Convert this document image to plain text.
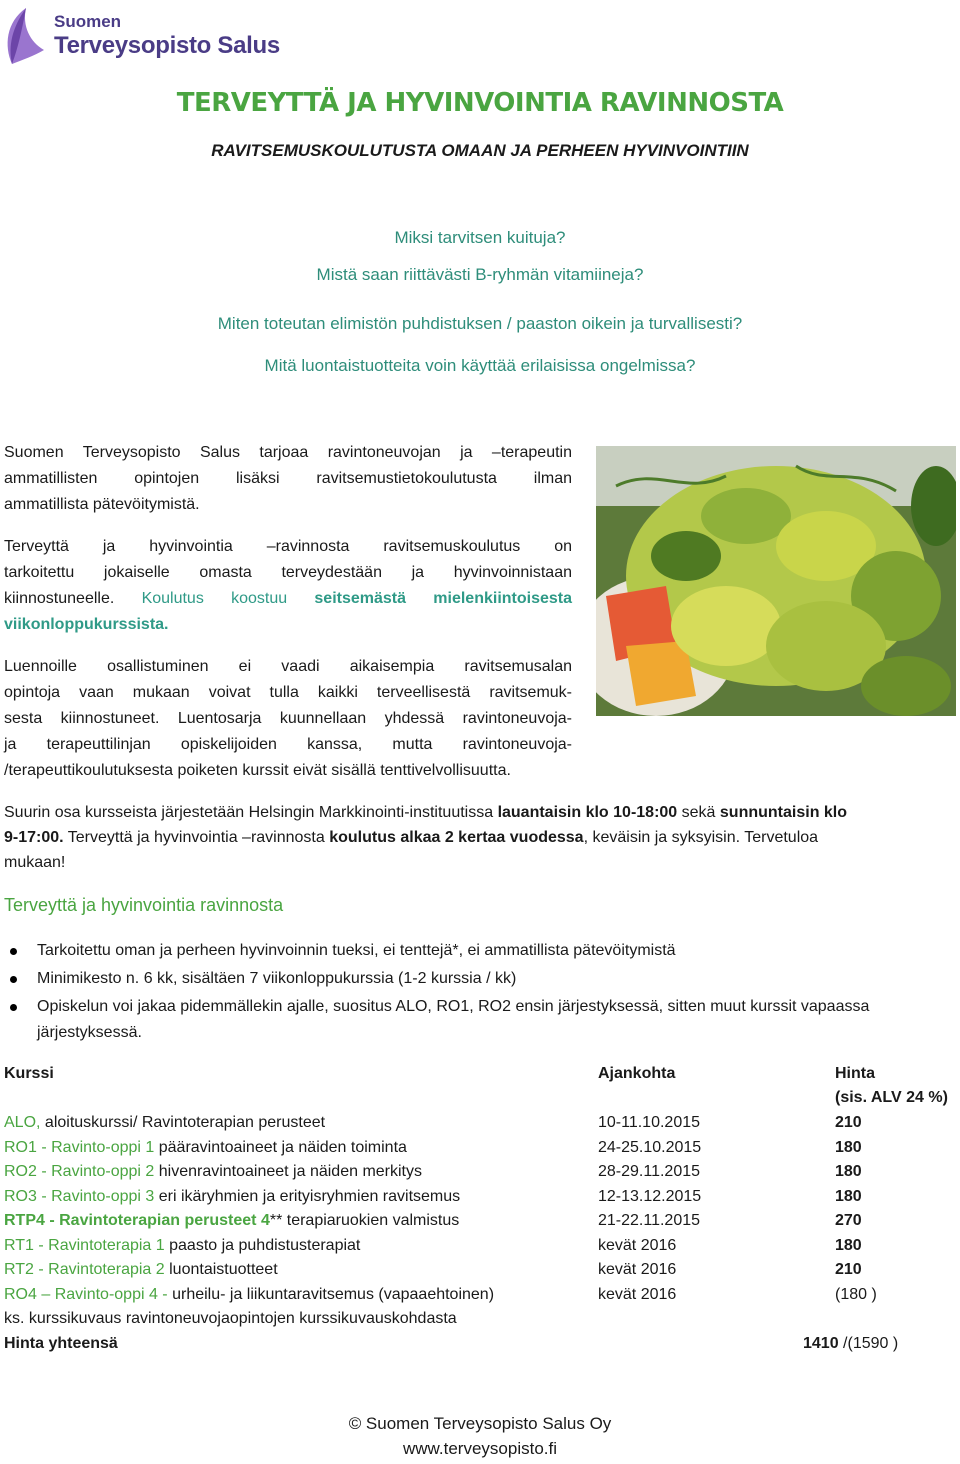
Suomen
Terveysopisto Salus
TERVEYTTÄ JA HYVINVOINTIA RAVINNOSTA
RAVITSEMUSKOULUTUSTA OMAAN JA PERHEEN HYVINVOINTIIN
Miksi tarvitsen kuituja?
Mistä saan riittävästi B-ryhmän vitamiineja?
Miten toteutan elimistön puhdistuksen / paaston oikein ja turvallisesti?
Mitä luontaistuotteita voin käyttää erilaisissa ongelmissa?
Suomen Terveysopisto Salus tarjoaa ravintoneuvojan ja –terapeutin
ammatillisten opintojen lisäksi ravitsemustietokoulutusta ilman
ammatillista pätevöitymistä.
Terveyttä ja hyvinvointia –ravinnosta ravitsemuskoulutus on
tarkoitettu jokaiselle omasta terveydestään ja hyvinvoinnistaan
kiinnostuneelle. Koulutus koostuu seitsemästä mielenkiintoisesta
viikonloppukurssista.
Luennoille osallistuminen ei vaadi aikaisempia ravitsemusalan
opintoja vaan mukaan voivat tulla kaikki terveellisestä ravitsemuk-
sesta kiinnostuneet. Luentosarja kuunnellaan yhdessä ravintoneuvoja-
ja terapeuttilinjan opiskelijoiden kanssa, mutta ravintoneuvoja-
/terapeuttikoulutuksesta poiketen kurssit eivät sisällä tenttivelvollisuutta.
Suurin osa kursseista järjestetään Helsingin Markkinointi-instituutissa lauantaisin klo 10-18:00 sekä sunnuntaisin klo
9-17:00. Terveyttä ja hyvinvointia –ravinnosta koulutus alkaa 2 kertaa vuodessa, keväisin ja syksyisin. Tervetuloa
mukaan!
Terveyttä ja hyvinvointia ravinnosta
Tarkoitettu oman ja perheen hyvinvoinnin tueksi, ei tenttejä*, ei ammatillista pätevöitymistä
Minimikesto n. 6 kk, sisältäen 7 viikonloppukurssia (1-2 kurssia / kk)
Opiskelun voi jakaa pidemmällekin ajalle, suositus ALO, RO1, RO2 ensin järjestyksessä, sitten muut kurssit vapaassa järjestyksessä.
Kurssi	Ajankohta	Hinta
(sis. ALV 24 %)
ALO, aloituskurssi/ Ravintoterapian perusteet	10-11.10.2015	210
RO1 - Ravinto-oppi 1 pääravintoaineet ja näiden toiminta	24-25.10.2015	180
RO2 - Ravinto-oppi 2 hivenravintoaineet ja näiden merkitys	28-29.11.2015	180
RO3 - Ravinto-oppi 3 eri ikäryhmien ja erityisryhmien ravitsemus	12-13.12.2015	180
RTP4 - Ravintoterapian perusteet 4** terapiaruokien valmistus	21-22.11.2015	270
RT1 - Ravintoterapia 1 paasto ja puhdistusterapiat	kevät 2016	180
RT2 - Ravintoterapia 2 luontaistuotteet	kevät 2016	210
RO4 – Ravinto-oppi 4 - urheilu- ja liikuntaravitsemus (vapaaehtoinen)	kevät 2016	(180 )
ks. kurssikuvaus ravintoneuvojaopintojen kurssikuvauskohdasta
Hinta yhteensä	1410 /(1590 )
© Suomen Terveysopisto Salus Oy
www.terveysopisto.fi
